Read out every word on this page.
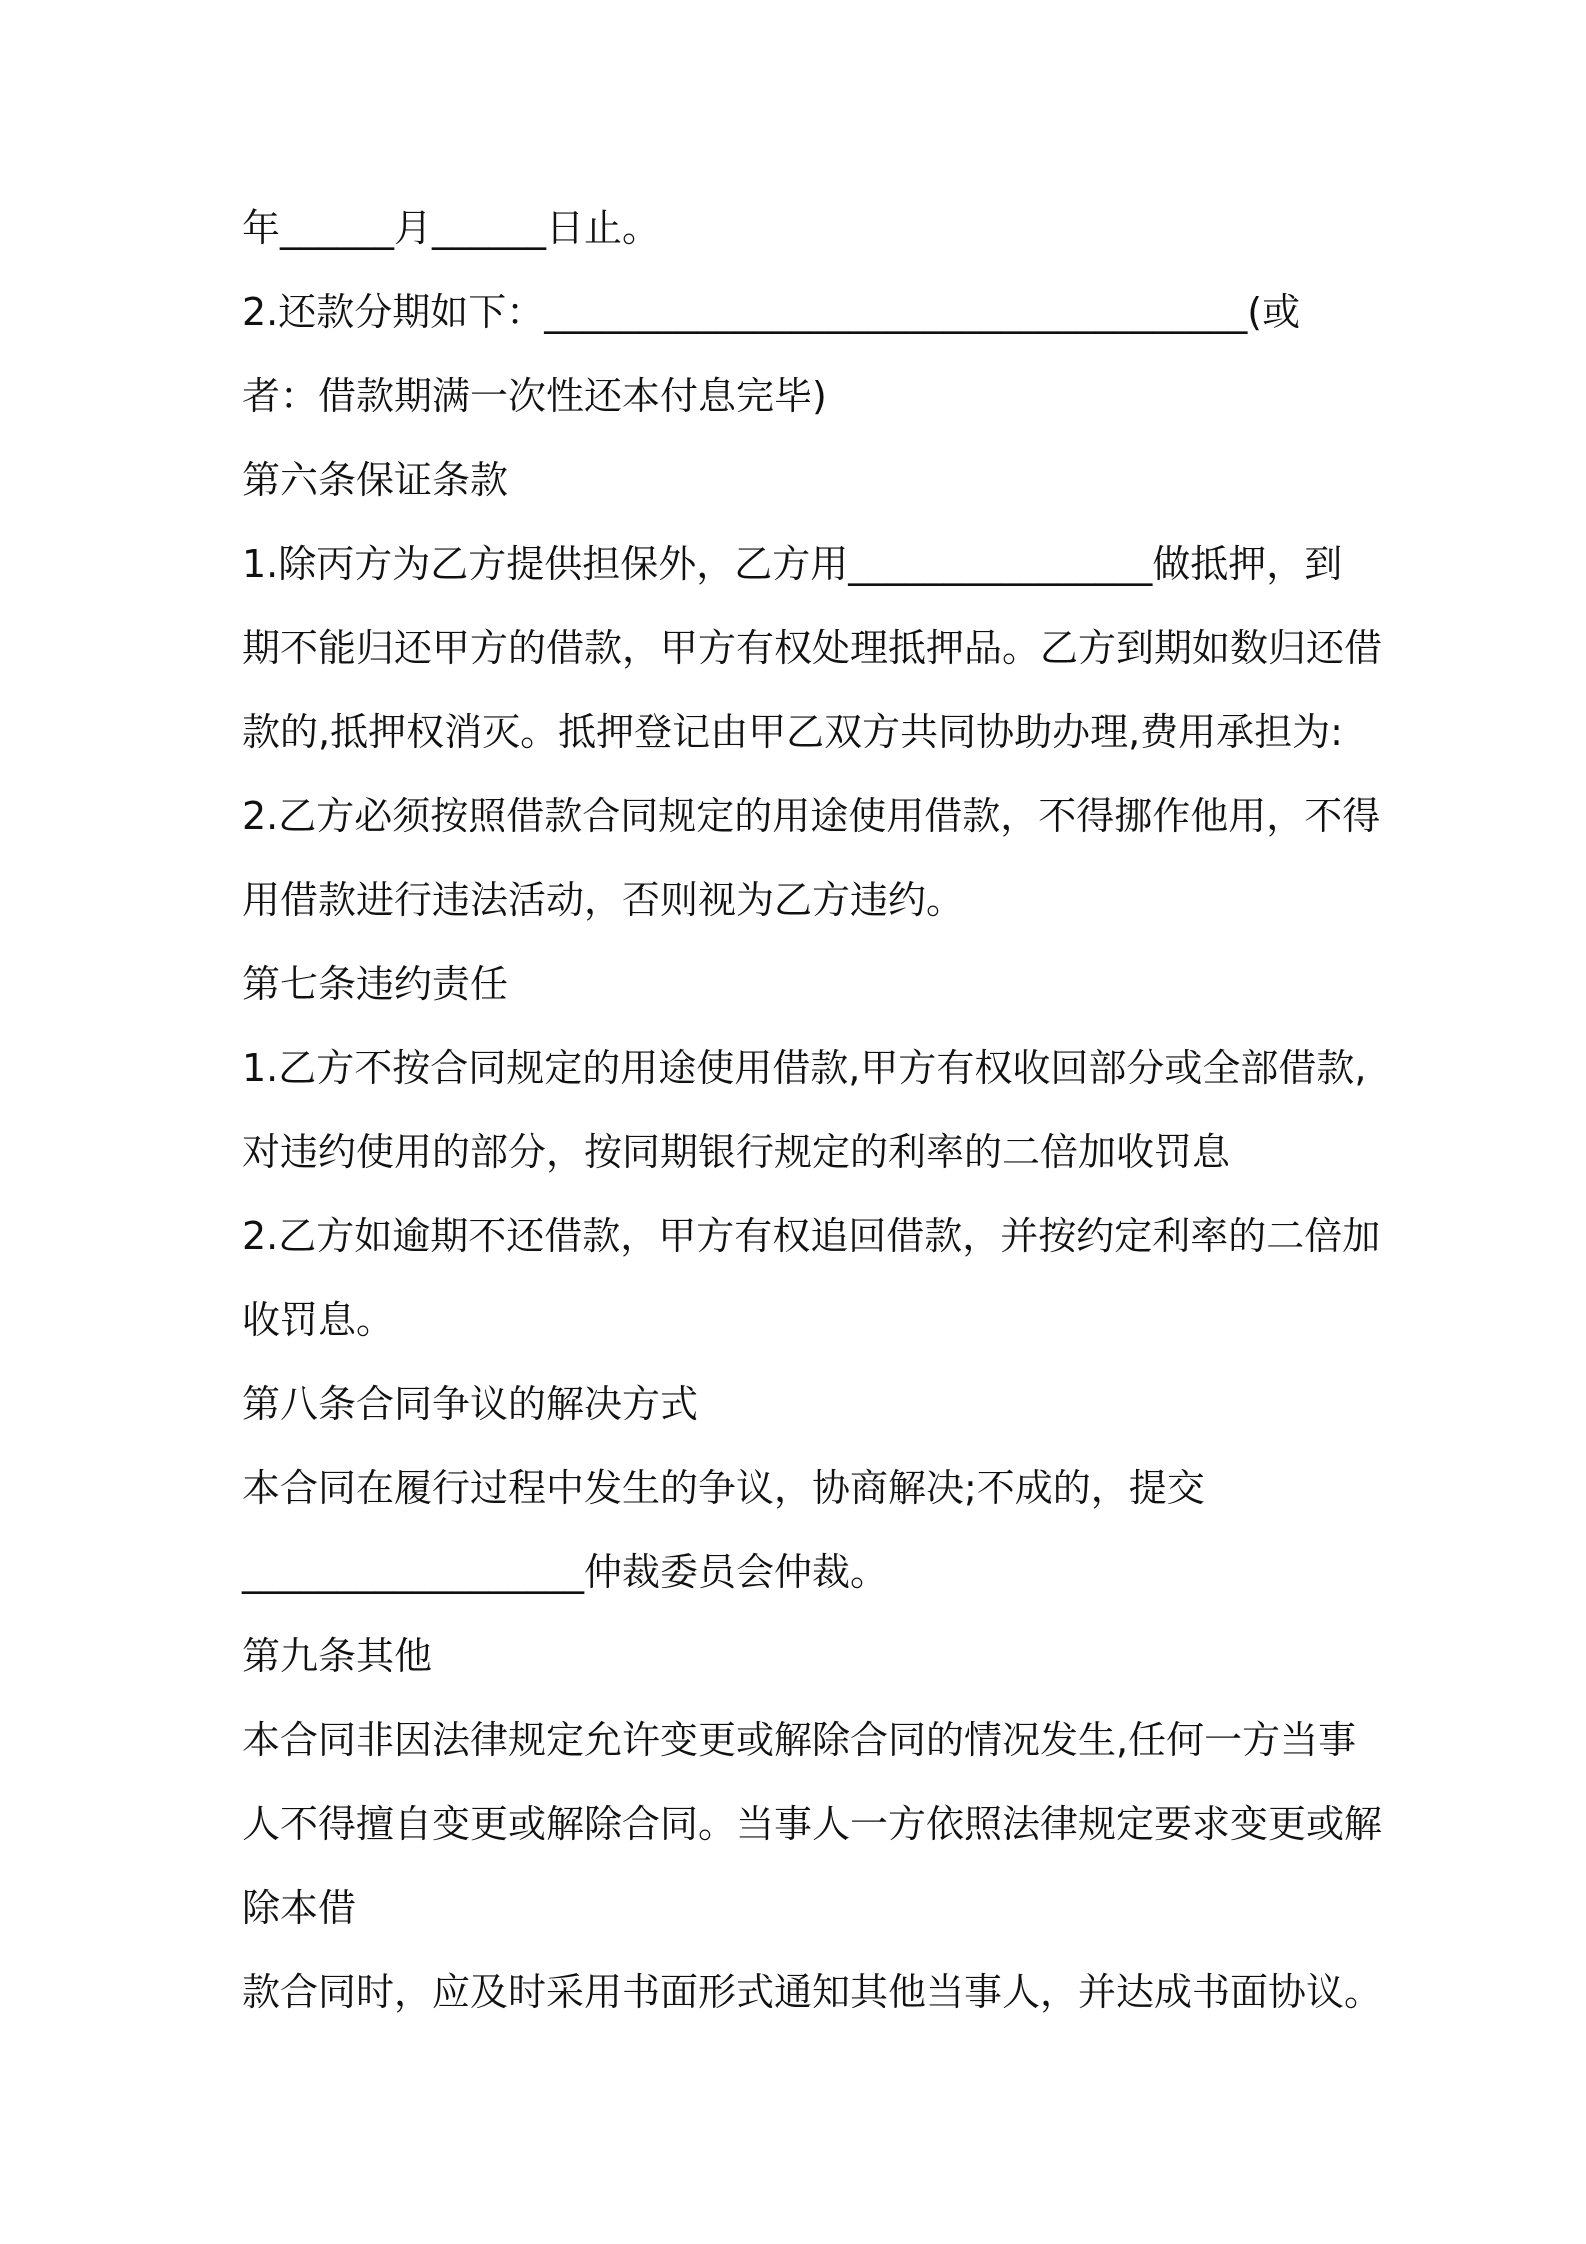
年______月______日止。
2.还款分期如下：_____________________________________(或
者：借款期满一次性还本付息完毕)
第六条保证条款
1.除丙方为乙方提供担保外，乙方用________________做抵押，到
期不能归还甲方的借款，甲方有权处理抵押品。乙方到期如数归还借
款的,抵押权消灭。抵押登记由甲乙双方共同协助办理,费用承担为:
2.乙方必须按照借款合同规定的用途使用借款，不得挪作他用，不得
用借款进行违法活动，否则视为乙方违约。
第七条违约责任
1.乙方不按合同规定的用途使用借款,甲方有权收回部分或全部借款,
对违约使用的部分，按同期银行规定的利率的二倍加收罚息
2.乙方如逾期不还借款，甲方有权追回借款，并按约定利率的二倍加
收罚息。
第八条合同争议的解决方式
本合同在履行过程中发生的争议，协商解决;不成的，提交
__________________仲裁委员会仲裁。
第九条其他
本合同非因法律规定允许变更或解除合同的情况发生,任何一方当事
人不得擅自变更或解除合同。当事人一方依照法律规定要求变更或解
除本借
款合同时，应及时采用书面形式通知其他当事人，并达成书面协议。
